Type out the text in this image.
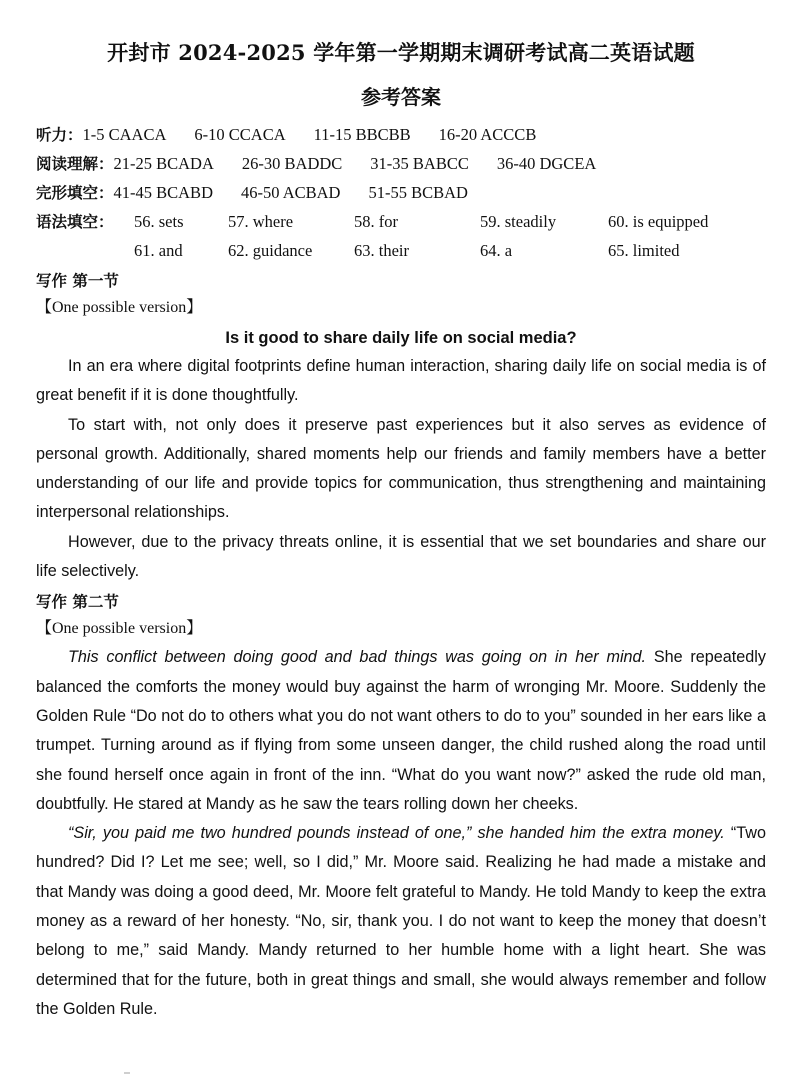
开封市 2024-2025 学年第一学期期末调研考试高二英语试题
参考答案
听力： 1-5 CAACA 6-10 CCACA 11-15 BBCBB 16-20 ACCCB
阅读理解： 21-25 BCADA 26-30 BADDC 31-35 BABCC 36-40 DGCEA
完形填空： 41-45 BCABD 46-50 ACBAD 51-55 BCBAD
语法填空：	56. sets	57. where	58. for	59. steadily	60. is equipped
61. and	62. guidance	63. their	64. a	65. limited
写作 第一节
【One possible version】
Is it good to share daily life on social media?

In an era where digital footprints define human interaction, sharing daily life on social media is of great benefit if it is done thoughtfully.

To start with, not only does it preserve past experiences but it also serves as evidence of personal growth. Additionally, shared moments help our friends and family members have a better understanding of our life and provide topics for communication, thus strengthening and maintaining interpersonal relationships.

However, due to the privacy threats online, it is essential that we set boundaries and share our life selectively.

写作 第二节
【One possible version】

This conflict between doing good and bad things was going on in her mind. She repeatedly balanced the comforts the money would buy against the harm of wronging Mr. Moore. Suddenly the Golden Rule “Do not do to others what you do not want others to do to you” sounded in her ears like a trumpet. Turning around as if flying from some unseen danger, the child rushed along the road until she found herself once again in front of the inn. “What do you want now?” asked the rude old man, doubtfully. He stared at Mandy as he saw the tears rolling down her cheeks.

“Sir, you paid me two hundred pounds instead of one,” she handed him the extra money. “Two hundred? Did I? Let me see; well, so I did,” Mr. Moore said. Realizing he had made a mistake and that Mandy was doing a good deed, Mr. Moore felt grateful to Mandy. He told Mandy to keep the extra money as a reward of her honesty. “No, sir, thank you. I do not want to keep the money that doesn’t belong to me,” said Mandy. Mandy returned to her humble home with a light heart. She was determined that for the future, both in great things and small, she would always remember and follow the Golden Rule.
